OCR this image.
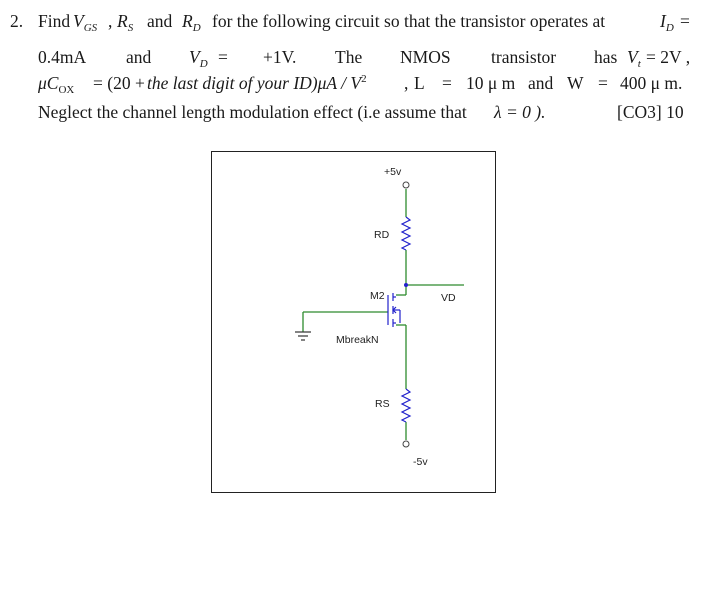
2. Find $V_{GS}$ , $R_S$ and $R_D$ for the following circuit so that the transistor operates at	$I_D$ =
0.4mA and $V_D = +1V$. The NMOS transistor has $V_t = 2V$ ,
$\mu C_{OX} = (20$ + the last digit of your $ID)\mu A / V^2$ , L = 10 μ m and W = 400 μ m.
Neglect the channel length modulation effect (i.e assume that λ = 0 ).	[CO3] 10
+5v
RD
M2	VD
MbreakN
RS
-5v
